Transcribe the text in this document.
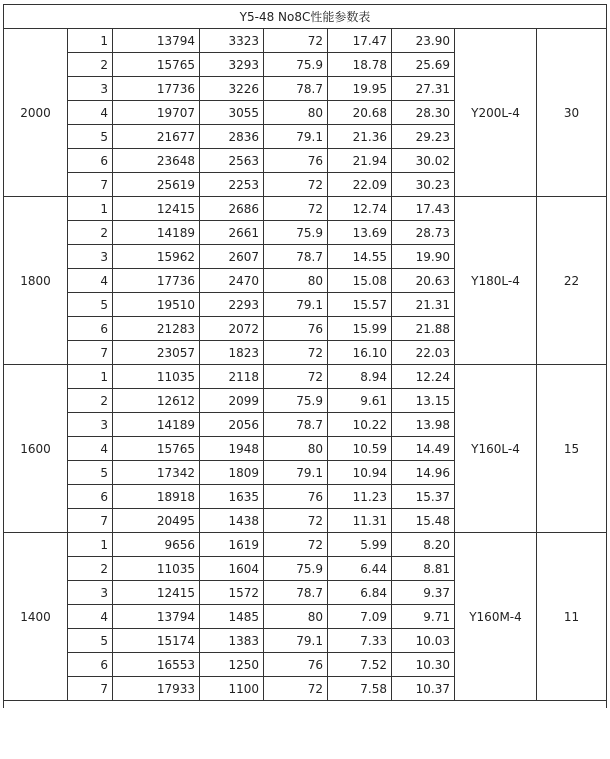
Y5-48 No8C性能参数表								
2000	1	13794	3323	72	17.47	23.90	Y200L-4	30
	2	15765	3293	75.9	18.78	25.69		
	3	17736	3226	78.7	19.95	27.31		
	4	19707	3055	80	20.68	28.30		
	5	21677	2836	79.1	21.36	29.23		
	6	23648	2563	76	21.94	30.02		
	7	25619	2253	72	22.09	30.23		
1800	1	12415	2686	72	12.74	17.43	Y180L-4	22
	2	14189	2661	75.9	13.69	28.73		
	3	15962	2607	78.7	14.55	19.90		
	4	17736	2470	80	15.08	20.63		
	5	19510	2293	79.1	15.57	21.31		
	6	21283	2072	76	15.99	21.88		
	7	23057	1823	72	16.10	22.03		
1600	1	11035	2118	72	8.94	12.24	Y160L-4	15
	2	12612	2099	75.9	9.61	13.15		
	3	14189	2056	78.7	10.22	13.98		
	4	15765	1948	80	10.59	14.49		
	5	17342	1809	79.1	10.94	14.96		
	6	18918	1635	76	11.23	15.37		
	7	20495	1438	72	11.31	15.48		
1400	1	9656	1619	72	5.99	8.20	Y160M-4	11
	2	11035	1604	75.9	6.44	8.81		
	3	12415	1572	78.7	6.84	9.37		
	4	13794	1485	80	7.09	9.71		
	5	15174	1383	79.1	7.33	10.03		
	6	16553	1250	76	7.52	10.30		
	7	17933	1100	72	7.58	10.37		
